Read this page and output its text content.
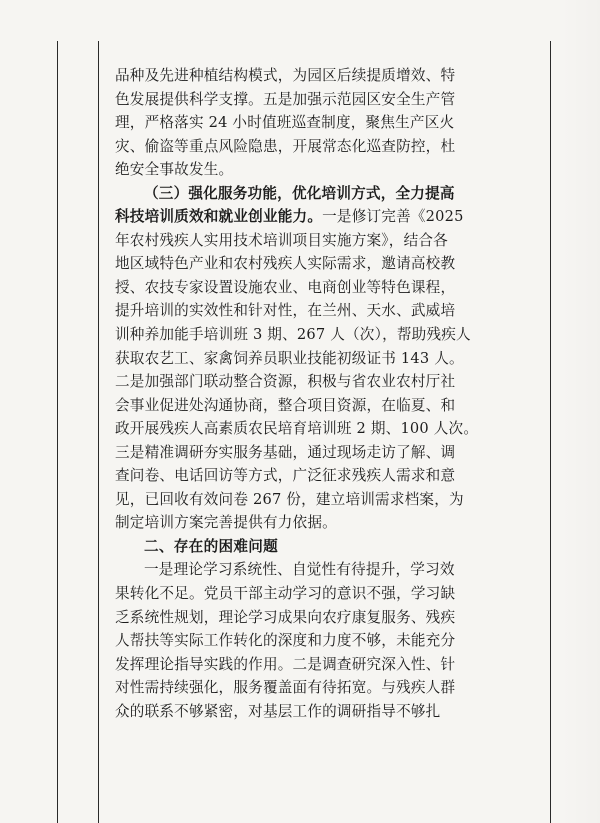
品种及先进种植结构模式，为园区后续提质增效、特
色发展提供科学支撑。五是加强示范园区安全生产管
理，严格落实 24 小时值班巡查制度，聚焦生产区火
灾、偷盗等重点风险隐患，开展常态化巡查防控，杜
绝安全事故发生。
（三）强化服务功能，优化培训方式，全力提高
科技培训质效和就业创业能力。一是修订完善《2025
年农村残疾人实用技术培训项目实施方案》，结合各
地区域特色产业和农村残疾人实际需求，邀请高校教
授、农技专家设置设施农业、电商创业等特色课程，
提升培训的实效性和针对性，在兰州、天水、武威培
训种养加能手培训班 3 期、267 人（次），帮助残疾人
获取农艺工、家禽饲养员职业技能初级证书 143 人。
二是加强部门联动整合资源，积极与省农业农村厅社
会事业促进处沟通协商，整合项目资源，在临夏、和
政开展残疾人高素质农民培育培训班 2 期、100 人次。
三是精准调研夯实服务基础，通过现场走访了解、调
查问卷、电话回访等方式，广泛征求残疾人需求和意
见，已回收有效问卷 267 份，建立培训需求档案，为
制定培训方案完善提供有力依据。
二、存在的困难问题
一是理论学习系统性、自觉性有待提升，学习效
果转化不足。党员干部主动学习的意识不强，学习缺
乏系统性规划，理论学习成果向农疗康复服务、残疾
人帮扶等实际工作转化的深度和力度不够，未能充分
发挥理论指导实践的作用。二是调查研究深入性、针
对性需持续强化，服务覆盖面有待拓宽。与残疾人群
众的联系不够紧密，对基层工作的调研指导不够扎
